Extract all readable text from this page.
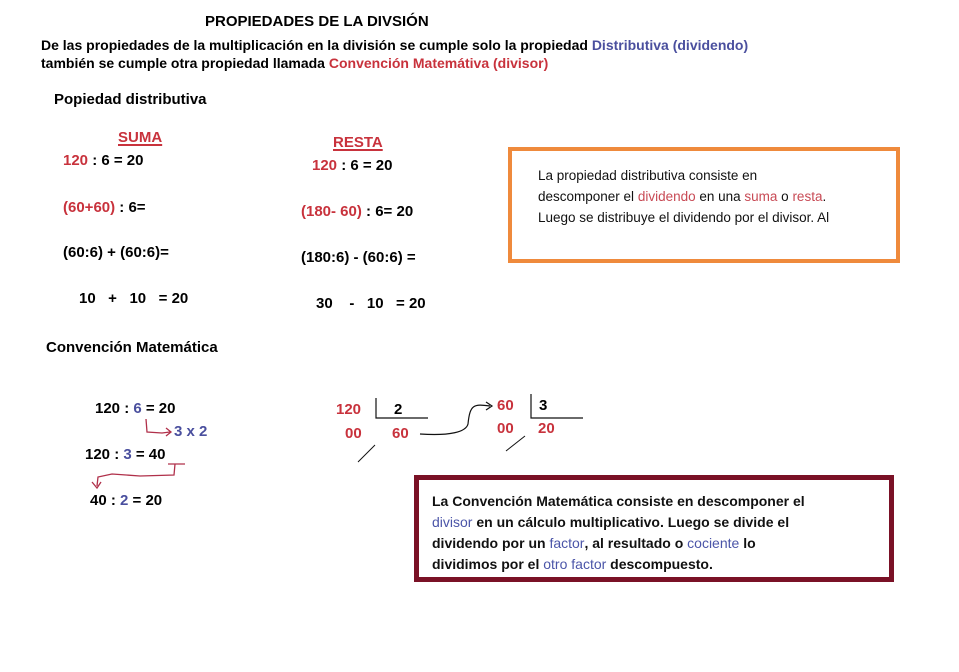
PROPIEDADES DE LA DIVSIÓN
De las propiedades de la multiplicación en la división se cumple solo la propiedad Distributiva (dividendo)
también se cumple otra propiedad llamada Convención Matemátiva (divisor)
Popiedad distributiva
SUMA
120 : 6 = 20
(60+60) : 6=
(60:6) + (60:6)=
10   +   10   = 20
RESTA
120 : 6 = 20
(180- 60) : 6= 20
(180:6) - (60:6) =
30    -   10   = 20
La propiedad distributiva consiste en
descomponer el dividendo en una suma o resta.
Luego se distribuye el dividendo por el divisor. Al
Convención Matemática
120 : 6 = 20
3 x 2
120 : 3 = 40
40 : 2 = 20
120 2
00 60
60 3
00 20
La Convención Matemática consiste en descomponer el
divisor en un cálculo multiplicativo. Luego se divide el
dividendo por un factor, al resultado o cociente lo
dividimos por el otro factor descompuesto.
